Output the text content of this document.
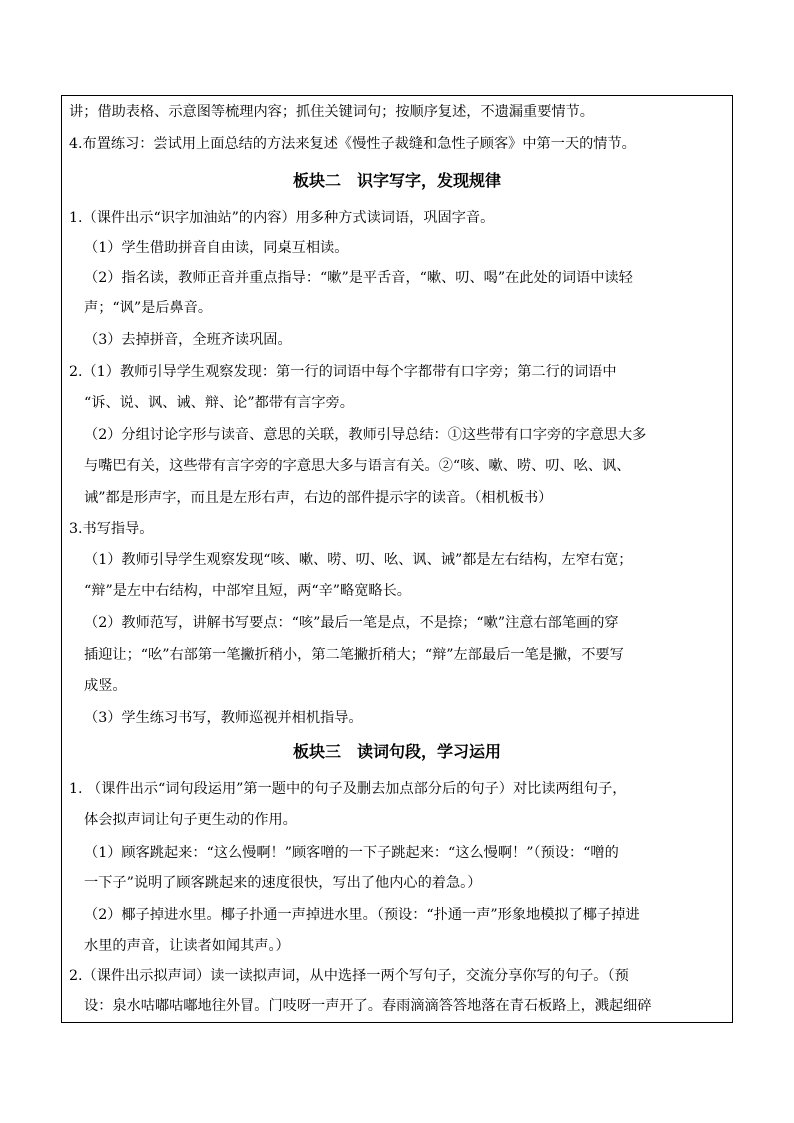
讲；借助表格、示意图等梳理内容；抓住关键词句；按顺序复述，不遗漏重要情节。
4.布置练习：尝试用上面总结的方法来复述《慢性子裁缝和急性子顾客》中第一天的情节。
板块二　识字写字，发现规律
1.（课件出示“识字加油站”的内容）用多种方式读词语，巩固字音。
（1）学生借助拼音自由读，同桌互相读。
（2）指名读，教师正音并重点指导：“嗽”是平舌音，“嗽、叨、喝”在此处的词语中读轻
声；“讽”是后鼻音。
（3）去掉拼音，全班齐读巩固。
2.（1）教师引导学生观察发现：第一行的词语中每个字都带有口字旁；第二行的词语中
“诉、说、讽、诫、辩、论”都带有言字旁。
（2）分组讨论字形与读音、意思的关联，教师引导总结：①这些带有口字旁的字意思大多
与嘴巴有关，这些带有言字旁的字意思大多与语言有关。②“咳、嗽、唠、叨、吆、讽、
诫”都是形声字，而且是左形右声，右边的部件提示字的读音。（相机板书）
3.书写指导。
（1）教师引导学生观察发现“咳、嗽、唠、叨、吆、讽、诫”都是左右结构，左窄右宽；
“辩”是左中右结构，中部窄且短，两“辛”略宽略长。
（2）教师范写，讲解书写要点：“咳”最后一笔是点，不是捺；“嗽”注意右部笔画的穿
插迎让；“吆”右部第一笔撇折稍小，第二笔撇折稍大；“辩”左部最后一笔是撇，不要写
成竖。
（3）学生练习书写，教师巡视并相机指导。
板块三　读词句段，学习运用
1. （课件出示“词句段运用”第一题中的句子及删去加点部分后的句子）对比读两组句子，
体会拟声词让句子更生动的作用。
（1）顾客跳起来：“这么慢啊！”顾客噌的一下子跳起来：“这么慢啊！”（预设：“噌的
一下子”说明了顾客跳起来的速度很快，写出了他内心的着急。）
（2）椰子掉进水里。椰子扑通一声掉进水里。（预设：“扑通一声”形象地模拟了椰子掉进
水里的声音，让读者如闻其声。）
2.（课件出示拟声词）读一读拟声词，从中选择一两个写句子，交流分享你写的句子。（预
设：泉水咕嘟咕嘟地往外冒。门吱呀一声开了。春雨滴滴答答地落在青石板路上，溅起细碎
